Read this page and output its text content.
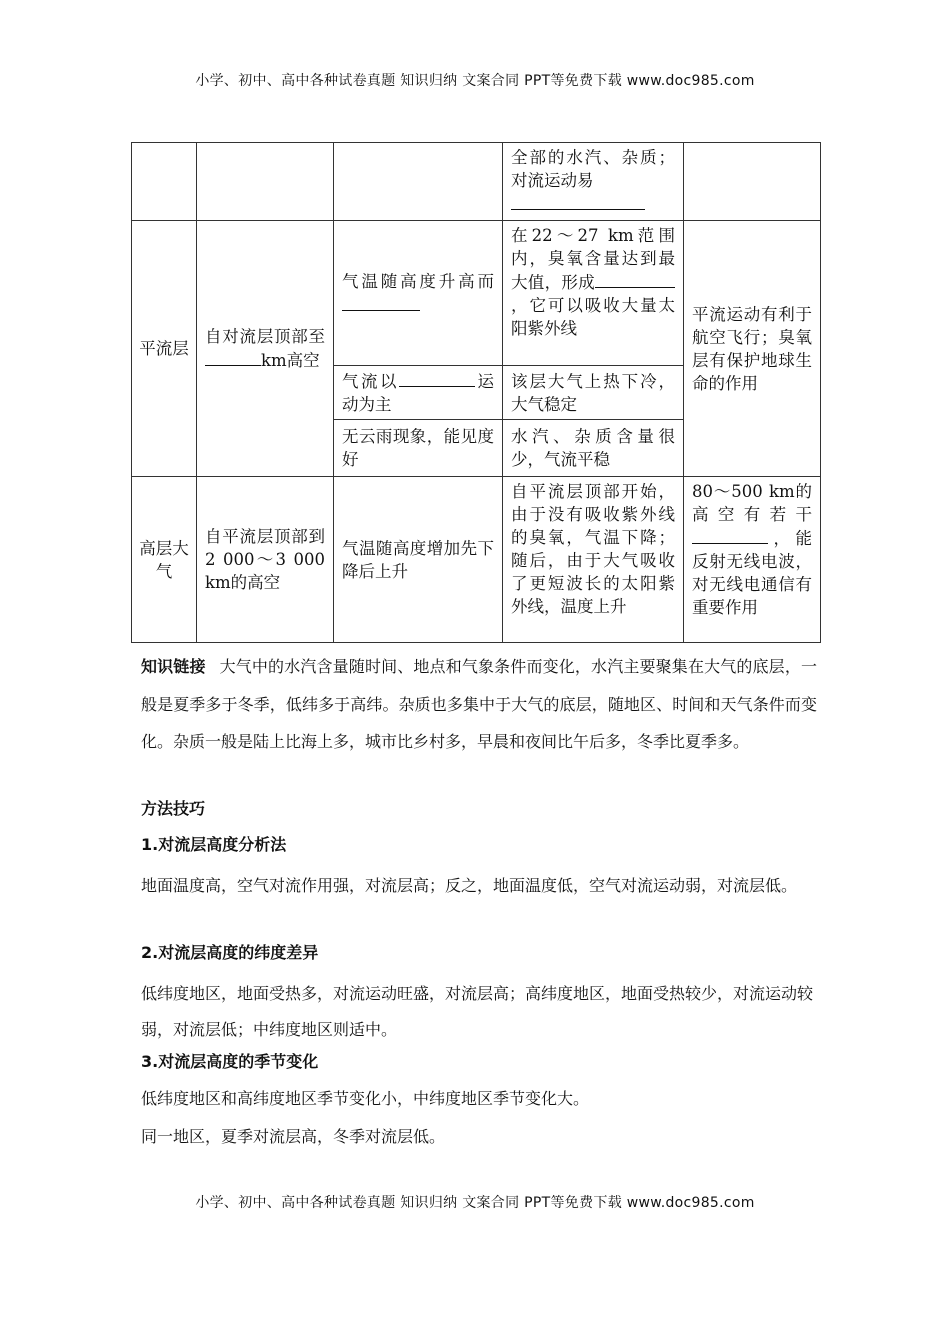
小学、初中、高中各种试卷真题 知识归纳 文案合同 PPT等免费下载 www.doc985.com
			全部的水汽、杂质；对流运动易

平流层	自对流层顶部至km高空	气温随高度升高而	在22～27 km范围内，臭氧含量达到最大值，形成，它可以吸收大量太阳紫外线	平流运动有利于航空飞行；臭氧层有保护地球生命的作用
		气流以 运动为主	该层大气上热下冷，大气稳定	
		无云雨现象，能见度好	水汽、杂质含量很少，气流平稳	
高层大气	自平流层顶部到2 000～3 000 km的高空	气温随高度增加先下降后上升	自平流层顶部开始，由于没有吸收紫外线的臭氧，气温下降；随后，由于大气吸收了更短波长的太阳紫外线，温度上升	80～500 km的高空有若干，能反射无线电波，对无线电通信有重要作用
知识链接 大气中的水汽含量随时间、地点和气象条件而变化，水汽主要聚集在大气的底层，一般是夏季多于冬季，低纬多于高纬。杂质也多集中于大气的底层，随地区、时间和天气条件而变化。杂质一般是陆上比海上多，城市比乡村多，早晨和夜间比午后多，冬季比夏季多。
方法技巧
1.对流层高度分析法
地面温度高，空气对流作用强，对流层高；反之，地面温度低，空气对流运动弱，对流层低。
2.对流层高度的纬度差异
低纬度地区，地面受热多，对流运动旺盛，对流层高；高纬度地区，地面受热较少，对流运动较弱，对流层低；中纬度地区则适中。
3.对流层高度的季节变化
低纬度地区和高纬度地区季节变化小，中纬度地区季节变化大。
同一地区，夏季对流层高，冬季对流层低。
小学、初中、高中各种试卷真题 知识归纳 文案合同 PPT等免费下载 www.doc985.com
